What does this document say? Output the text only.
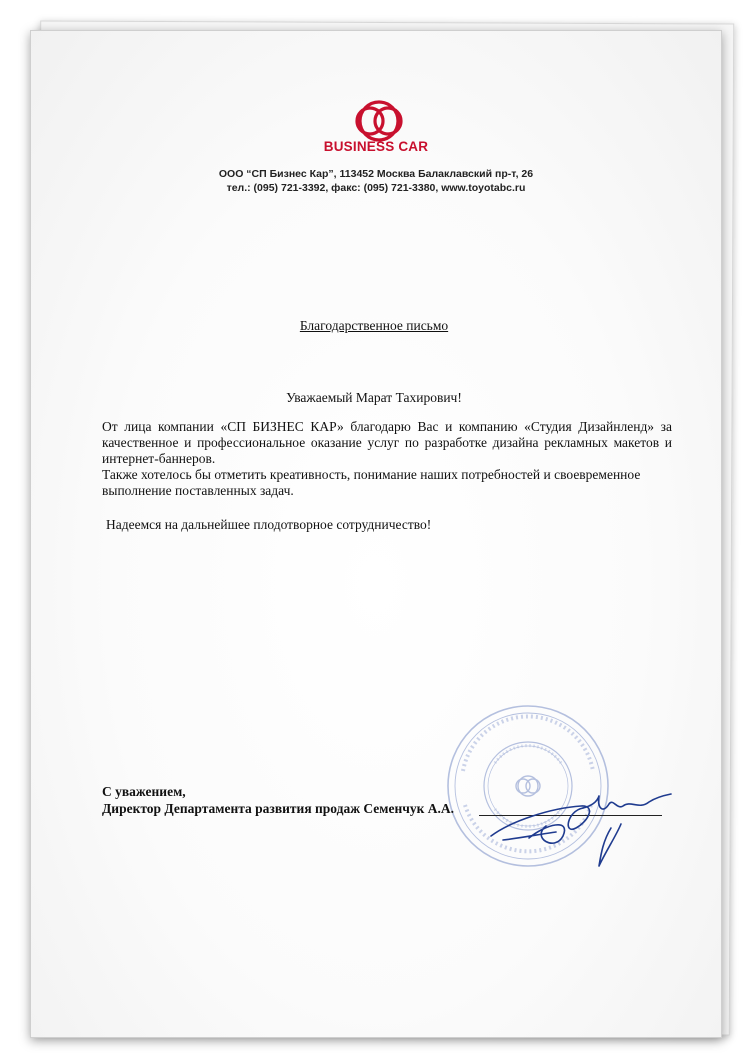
BUSINESS CAR
ООО “СП Бизнес Кар”, 113452 Москва Балаклавский пр-т, 26
тел.: (095) 721-3392, факс: (095) 721-3380, www.toyotabc.ru
Благодарственное письмо
Уважаемый Марат Тахирович!

От лица компании «СП БИЗНЕС КАР» благодарю Вас и компанию «Студия Дизайнленд» за качественное и профессиональное оказание услуг по разработке дизайна рекламных макетов и интернет-баннеров.

Также хотелось бы отметить креативность, понимание наших потребностей и своевременное выполнение поставленных задач.

Надеемся на дальнейшее плодотворное сотрудничество!
С уважением,
Директор Департамента развития продаж Семенчук А.А.
